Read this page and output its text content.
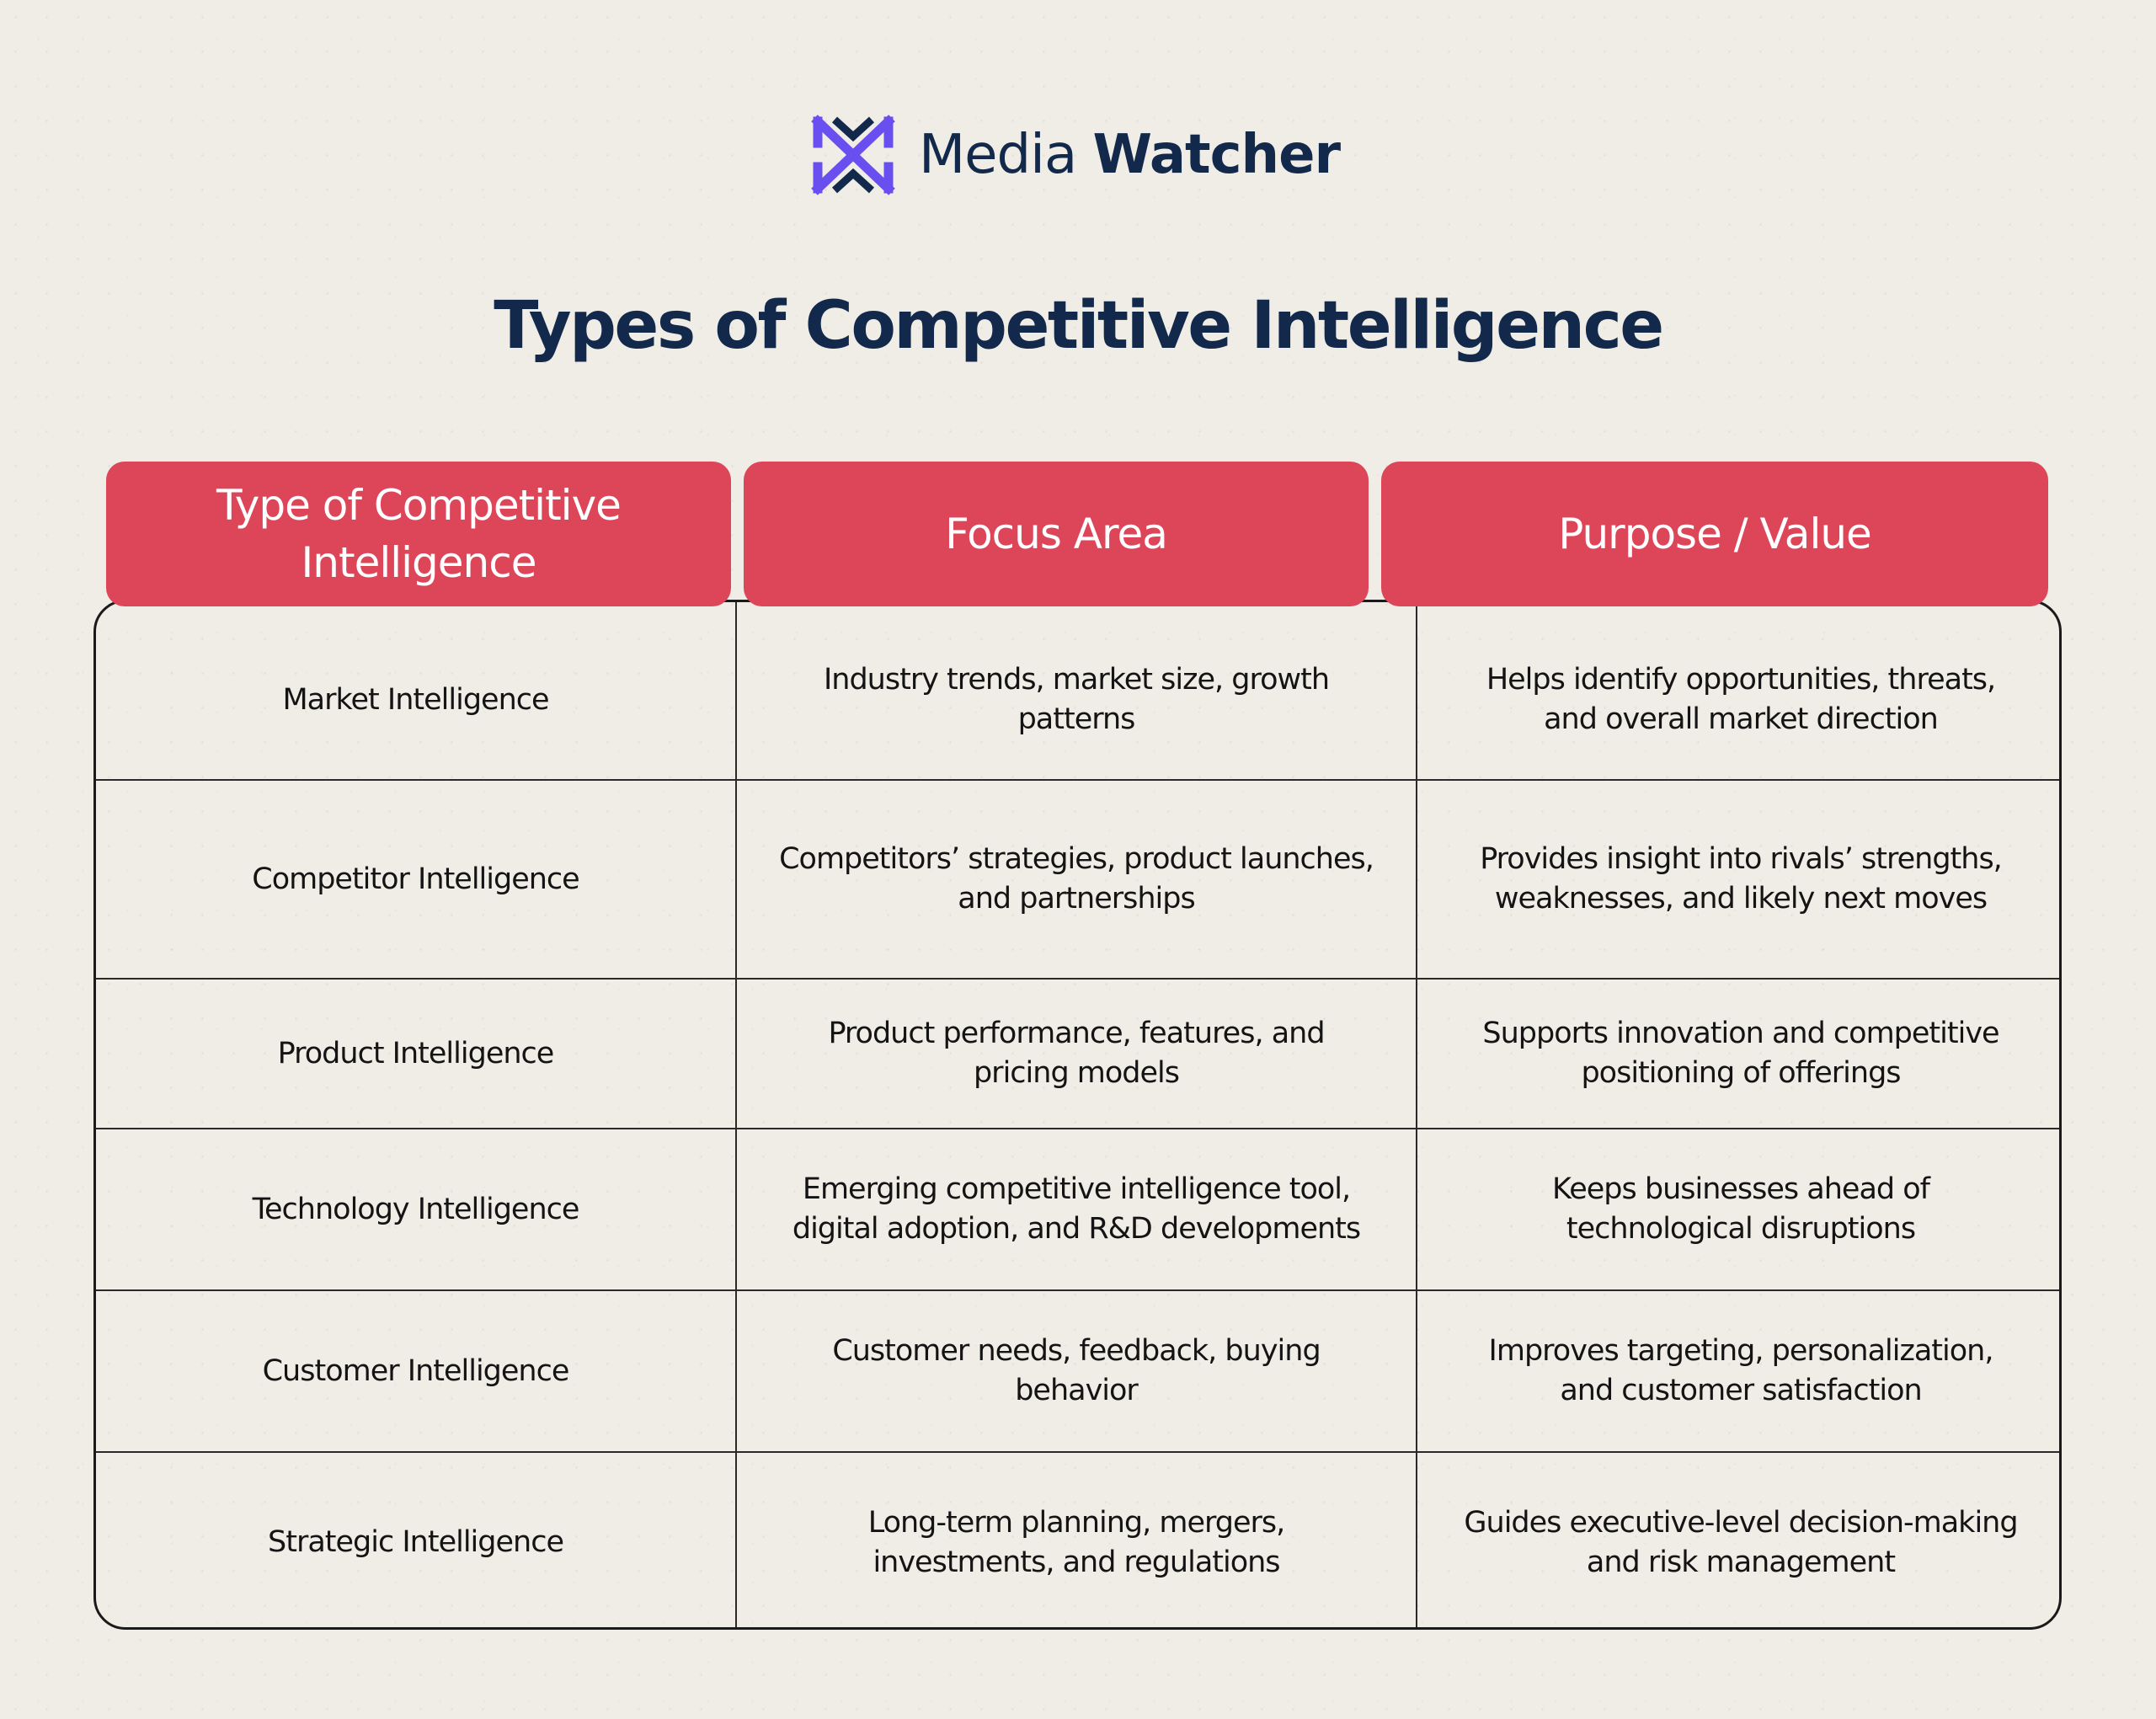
Media Watcher
Types of Competitive Intelligence
Market Intelligence
Industry trends, market size, growth patterns
Helps identify opportunities, threats, and overall market direction
Competitor Intelligence
Competitors’ strategies, product launches, and partnerships
Provides insight into rivals’ strengths, weaknesses, and likely next moves
Product Intelligence
Product performance, features, and pricing models
Supports innovation and competitive positioning of offerings
Technology Intelligence
Emerging competitive intelligence tool, digital adoption, and R&D developments
Keeps businesses ahead of technological disruptions
Customer Intelligence
Customer needs, feedback, buying behavior
Improves targeting, personalization, and customer satisfaction
Strategic Intelligence
Long-term planning, mergers, investments, and regulations
Guides executive-level decision-making and risk management
Type of Competitive Intelligence
Focus Area	Purpose / Value
